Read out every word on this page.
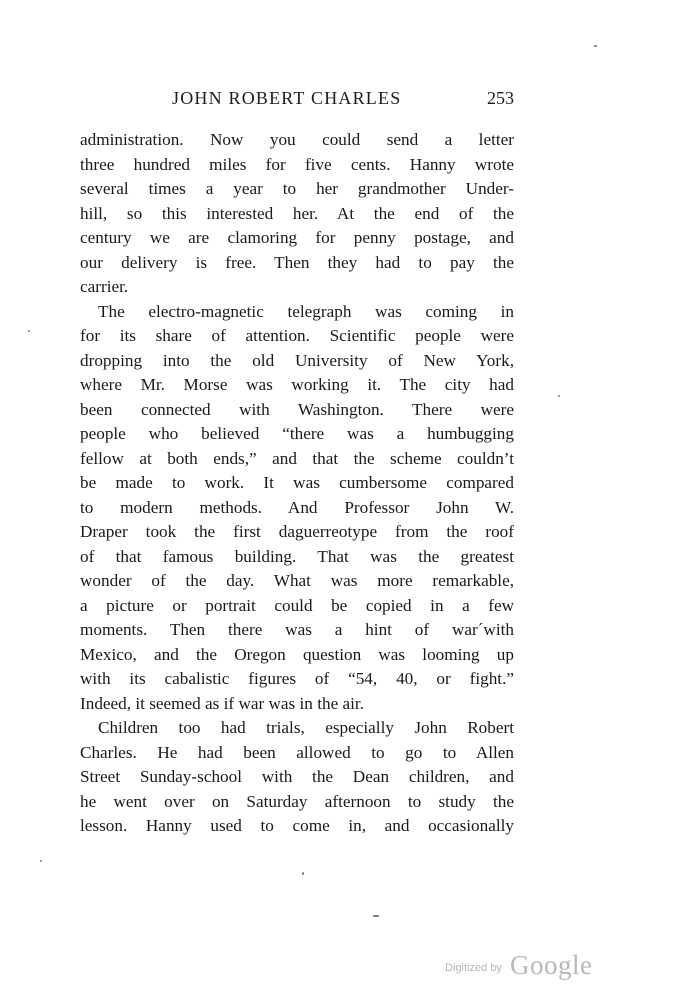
JOHN ROBERT CHARLES	253
administration. Now you could send a letter
three hundred miles for five cents. Hanny wrote
several times a year to her grandmother Under-
hill, so this interested her. At the end of the
century we are clamoring for penny postage, and
our delivery is free. Then they had to pay the
carrier.
The electro-magnetic telegraph was coming in
for its share of attention. Scientific people were
dropping into the old University of New York,
where Mr. Morse was working it. The city had
been connected with Washington. There were
people who believed “there was a humbugging
fellow at both ends,” and that the scheme couldn’t
be made to work. It was cumbersome compared
to modern methods. And Professor John W.
Draper took the first daguerreotype from the roof
of that famous building. That was the greatest
wonder of the day. What was more remarkable,
a picture or portrait could be copied in a few
moments. Then there was a hint of war´with
Mexico, and the Oregon question was looming up
with its cabalistic figures of “54, 40, or fight.”
Indeed, it seemed as if war was in the air.
Children too had trials, especially John Robert
Charles. He had been allowed to go to Allen
Street Sunday-school with the Dean children, and
he went over on Saturday afternoon to study the
lesson. Hanny used to come in, and occasionally
Digitized by Google
